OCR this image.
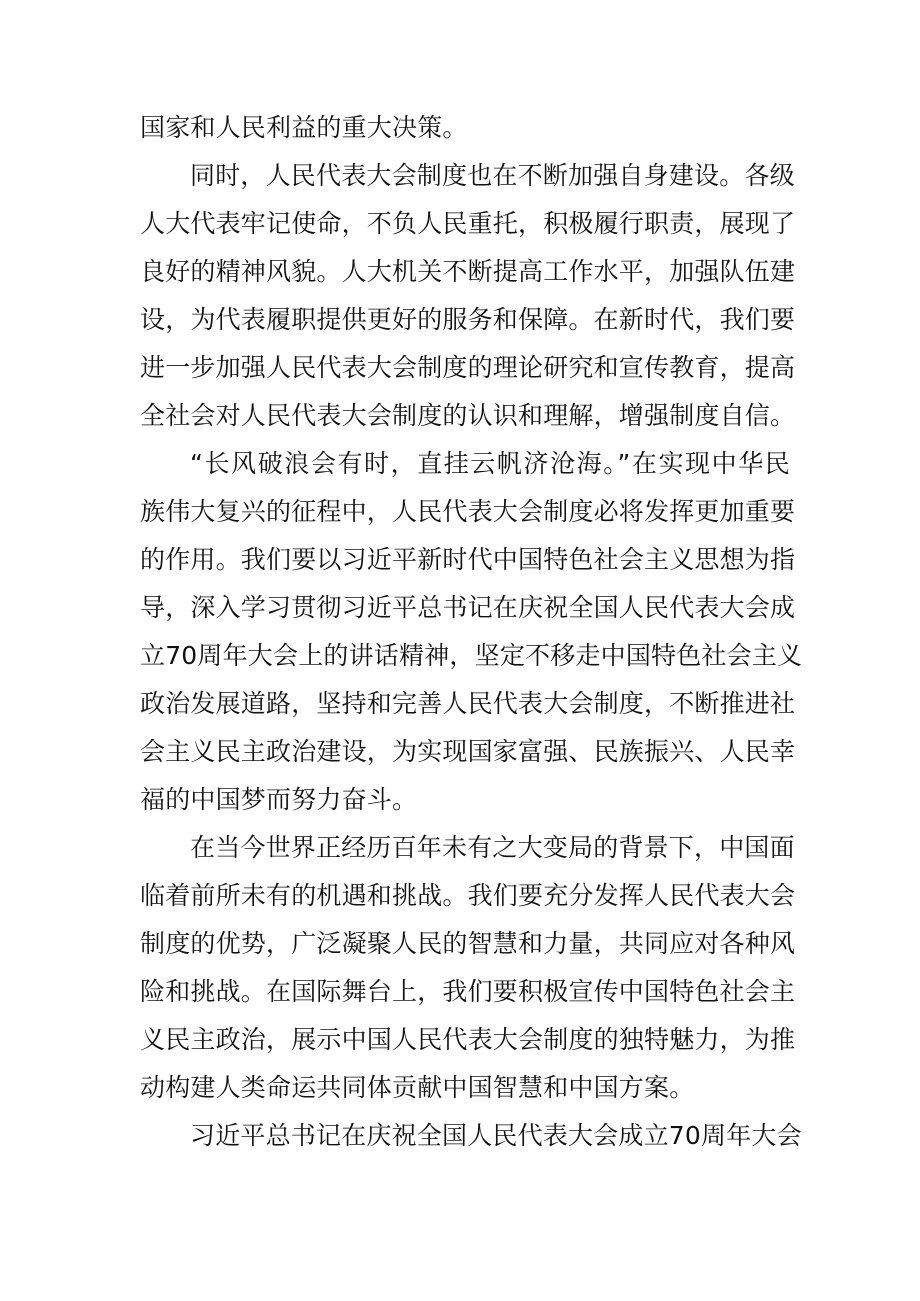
国家和人民利益的重大决策。
同时，人民代表大会制度也在不断加强自身建设。各级
人大代表牢记使命，不负人民重托，积极履行职责，展现了
良好的精神风貌。人大机关不断提高工作水平，加强队伍建
设，为代表履职提供更好的服务和保障。在新时代，我们要
进一步加强人民代表大会制度的理论研究和宣传教育，提高
全社会对人民代表大会制度的认识和理解，增强制度自信。
“长风破浪会有时，直挂云帆济沧海。”在实现中华民
族伟大复兴的征程中，人民代表大会制度必将发挥更加重要
的作用。我们要以习近平新时代中国特色社会主义思想为指
导，深入学习贯彻习近平总书记在庆祝全国人民代表大会成
立70周年大会上的讲话精神，坚定不移走中国特色社会主义
政治发展道路，坚持和完善人民代表大会制度，不断推进社
会主义民主政治建设，为实现国家富强、民族振兴、人民幸
福的中国梦而努力奋斗。
在当今世界正经历百年未有之大变局的背景下，中国面
临着前所未有的机遇和挑战。我们要充分发挥人民代表大会
制度的优势，广泛凝聚人民的智慧和力量，共同应对各种风
险和挑战。在国际舞台上，我们要积极宣传中国特色社会主
义民主政治，展示中国人民代表大会制度的独特魅力，为推
动构建人类命运共同体贡献中国智慧和中国方案。
习近平总书记在庆祝全国人民代表大会成立70周年大会
